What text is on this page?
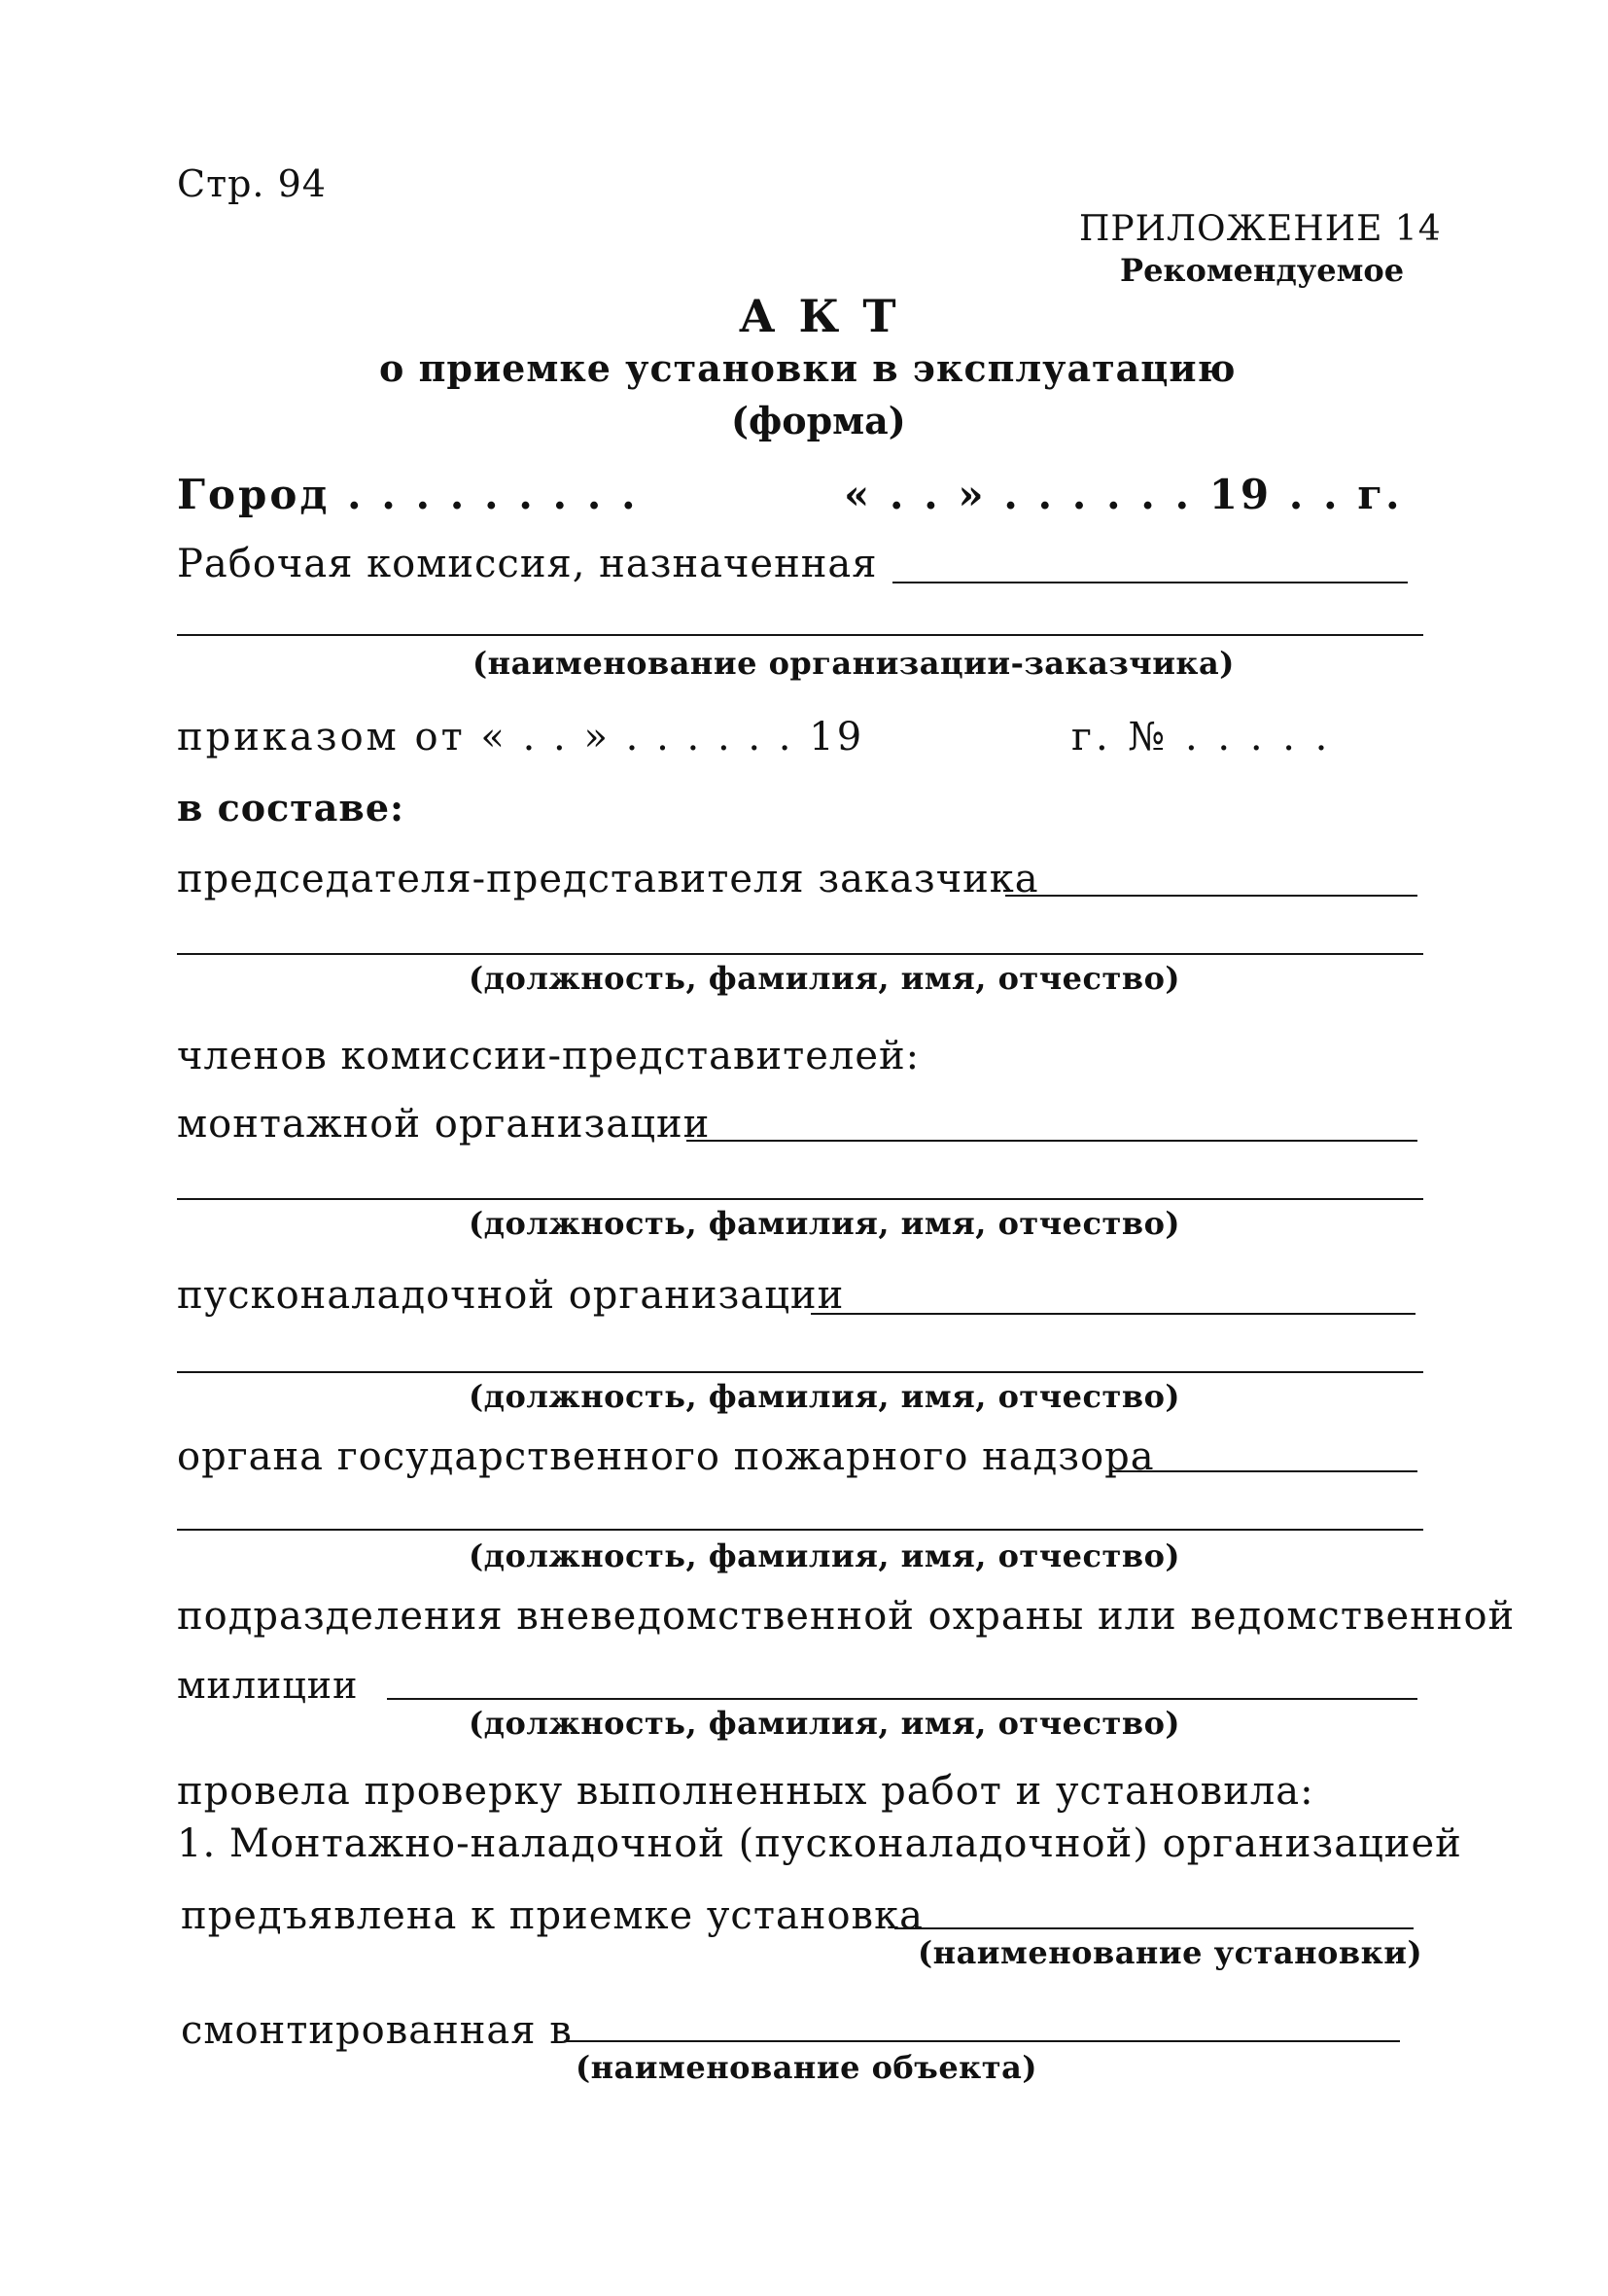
Стр. 94
ПРИЛОЖЕНИЕ 14
Рекомендуемое
А К Т
о приемке установки в эксплуатацию
(форма)
Город . . . . . . . . .	« . . » . . . . . . 19 . . г.
Рабочая комиссия, назначенная
(наименование организации-заказчика)
приказом от « . . » . . . . . . 19	г. № . . . . .
в составе:
председателя-представителя заказчика
(должность, фамилия, имя, отчество)
членов комиссии-представителей:
монтажной организации
(должность, фамилия, имя, отчество)
пусконаладочной организации
(должность, фамилия, имя, отчество)
органа государственного пожарного надзора
(должность, фамилия, имя, отчество)
подразделения вневедомственной охраны или ведомственной
милиции
(должность, фамилия, имя, отчество)
провела проверку выполненных работ и установила:
1. Монтажно-наладочной (пусконаладочной) организацией
предъявлена к приемке установка
(наименование установки)
смонтированная в
(наименование объекта)
